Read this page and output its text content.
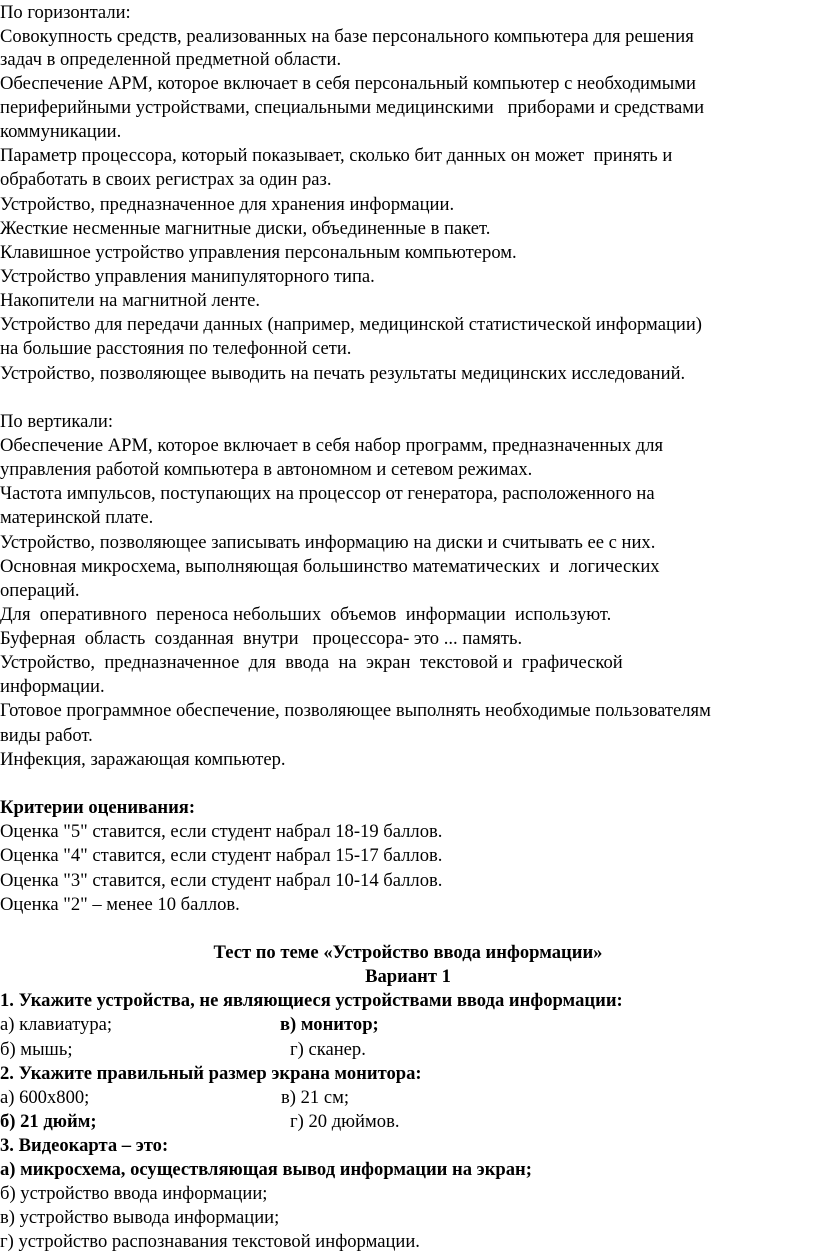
По горизонтали:
Совокупность средств, реализованных на базе персонального компьютера для решения
задач в определенной предметной области.
Обеспечение АРМ, которое включает в себя персональный компьютер с необходимыми
периферийными устройствами, специальными медицинскими   приборами и средствами
коммуникации.
Параметр процессора, который показывает, сколько бит данных он может  принять и
обработать в своих регистрах за один раз.
Устройство, предназначенное для хранения информации.
Жесткие несменные магнитные диски, объединенные в пакет.
Клавишное устройство управления персональным компьютером.
Устройство управления манипуляторного типа.
Накопители на магнитной ленте.
Устройство для передачи данных (например, медицинской статистической информации)
на большие расстояния по телефонной сети.
Устройство, позволяющее выводить на печать результаты медицинских исследований.
По вертикали:
Обеспечение АРМ, которое включает в себя набор программ, предназначенных для
управления работой компьютера в автономном и сетевом режимах.
Частота импульсов, поступающих на процессор от генератора, расположенного на
материнской плате.
Устройство, позволяющее записывать информацию на диски и считывать ее с них.
Основная микросхема, выполняющая большинство математических  и  логических
операций.
Для  оперативного  переноса небольших  объемов  информации  используют.
Буферная  область  созданная  внутри   процессора- это ... память.
Устройство,  предназначенное  для  ввода  на  экран  текстовой и  графической
информации.
Готовое программное обеспечение, позволяющее выполнять необходимые пользователям
виды работ.
Инфекция, заражающая компьютер.
Критерии оценивания:
Оценка "5" ставится, если студент набрал 18-19 баллов.
Оценка "4" ставится, если студент набрал 15-17 баллов.
Оценка "3" ставится, если студент набрал 10-14 баллов.
Оценка "2" – менее 10 баллов.
Тест по теме «Устройство ввода информации»
Вариант 1
1. Укажите устройства, не являющиеся устройствами ввода информации:
а) клавиатура;	в) монитор;
б) мышь;	г) сканер.
2. Укажите правильный размер экрана монитора:
а) 600х800;	в) 21 см;
б) 21 дюйм;	г) 20 дюймов.
3. Видеокарта – это:
а) микросхема, осуществляющая вывод информации на экран;
б) устройство ввода информации;
в) устройство вывода информации;
г) устройство распознавания текстовой информации.
